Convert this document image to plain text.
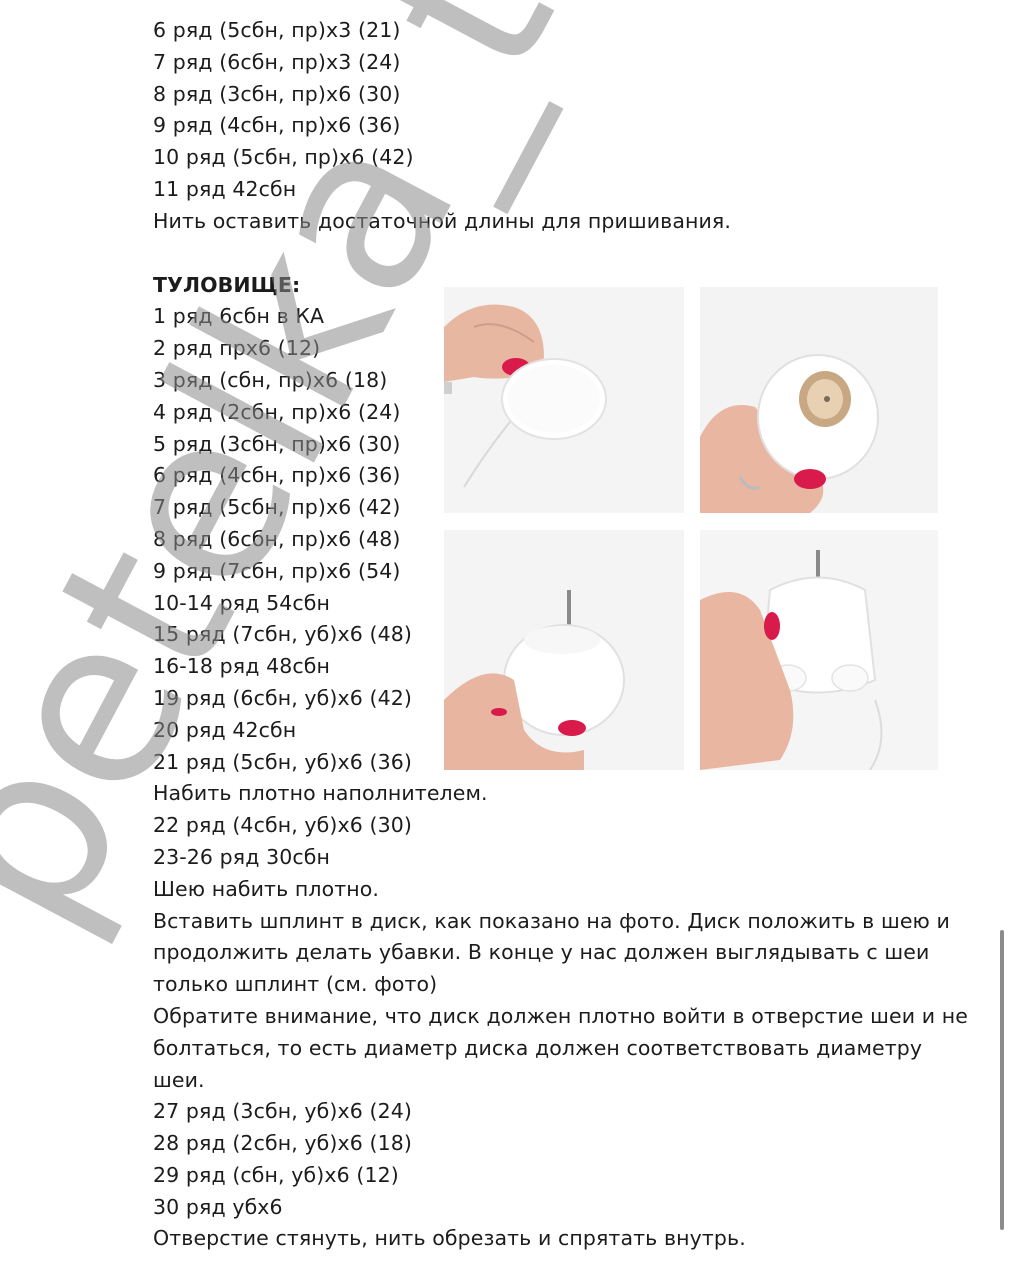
6 ряд (5сбн, пр)х3 (21)
7 ряд (6сбн, пр)х3 (24)
8 ряд (3сбн, пр)х6 (30)
9 ряд (4сбн, пр)х6 (36)
10 ряд (5сбн, пр)х6 (42)
11 ряд 42сбн
Нить оставить достаточной длины для пришивания.
ТУЛОВИЩЕ:
1 ряд 6сбн в КА
2 ряд прх6 (12)
3 ряд (сбн, пр)х6 (18)
4 ряд (2сбн, пр)х6 (24)
5 ряд (3сбн, пр)х6 (30)
6 ряд (4сбн, пр)х6 (36)
7 ряд (5сбн, пр)х6 (42)
8 ряд (6сбн, пр)х6 (48)
9 ряд (7сбн, пр)х6 (54)
10-14 ряд 54сбн
15 ряд (7сбн, уб)х6 (48)
16-18 ряд 48сбн
19 ряд (6сбн, уб)х6 (42)
20 ряд 42сбн
21 ряд (5сбн, уб)х6 (36)
Набить плотно наполнителем.
22 ряд (4сбн, уб)х6 (30)
23-26 ряд 30сбн
Шею набить плотно.
Вставить шплинт в диск, как показано на фото. Диск положить в шею и
продолжить делать убавки. В конце у нас должен выглядывать с шеи
только шплинт (см. фото)
Обратите внимание, что диск должен плотно войти в отверстие шеи и не
болтаться, то есть диаметр диска должен соответствовать диаметру
шеи.
27 ряд (3сбн, уб)х6 (24)
28 ряд (2сбн, уб)х6 (18)
29 ряд (сбн, уб)х6 (12)
30 ряд убх6
Отверстие стянуть, нить обрезать и спрятать внутрь.
